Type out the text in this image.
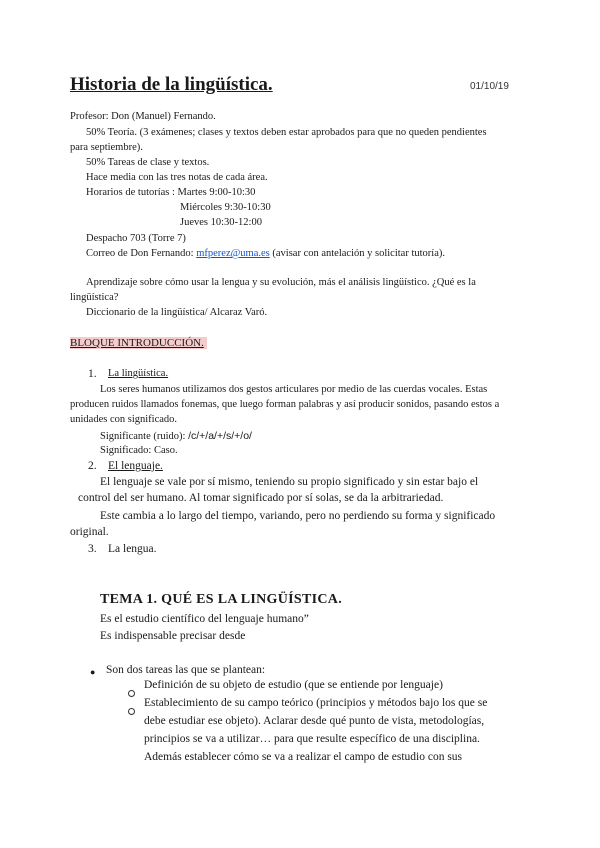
Historia de la lingüística.	01/10/19
Profesor: Don (Manuel) Fernando.
50% Teoría. (3 exámenes; clases y textos deben estar aprobados para que no queden pendientes
para septiembre).
50% Tareas de clase y textos.
Hace media con las tres notas de cada área.
Horarios de tutorías : Martes 9:00-10:30
Miércoles 9:30-10:30
Jueves 10:30-12:00
Despacho 703 (Torre 7)
Correo de Don Fernando: mfperez@uma.es (avisar con antelación y solicitar tutoría).
Aprendizaje sobre cómo usar la lengua y su evolución, más el análisis lingüístico. ¿Qué es la
lingüística?
Diccionario de la lingüística/ Alcaraz Varó.
BLOQUE INTRODUCCIÓN.
1. La lingüística.
Los seres humanos utilizamos dos gestos articulares por medio de las cuerdas vocales. Estas
producen ruidos llamados fonemas, que luego forman palabras y así producir sonidos, pasando estos a
unidades con significado.
Significante (ruido): /c/+/a/+/s/+/o/
Significado: Caso.
2. El lenguaje.
El lenguaje se vale por sí mismo, teniendo su propio significado y sin estar bajo el
control del ser humano. Al tomar significado por sí solas, se da la arbitrariedad.
Este cambia a lo largo del tiempo, variando, pero no perdiendo su forma y significado
original.
3. La lengua.
TEMA 1. QUÉ ES LA LINGÜÍSTICA.
Es el estudio científico del lenguaje humano”
Es indispensable precisar desde
● Son dos tareas las que se plantean:
Definición de su objeto de estudio (que se entiende por lenguaje)
Establecimiento de su campo teórico (principios y métodos bajo los que se
debe estudiar ese objeto). Aclarar desde qué punto de vista, metodologías,
principios se va a utilizar… para que resulte específico de una disciplina.
Además establecer cómo se va a realizar el campo de estudio con sus
